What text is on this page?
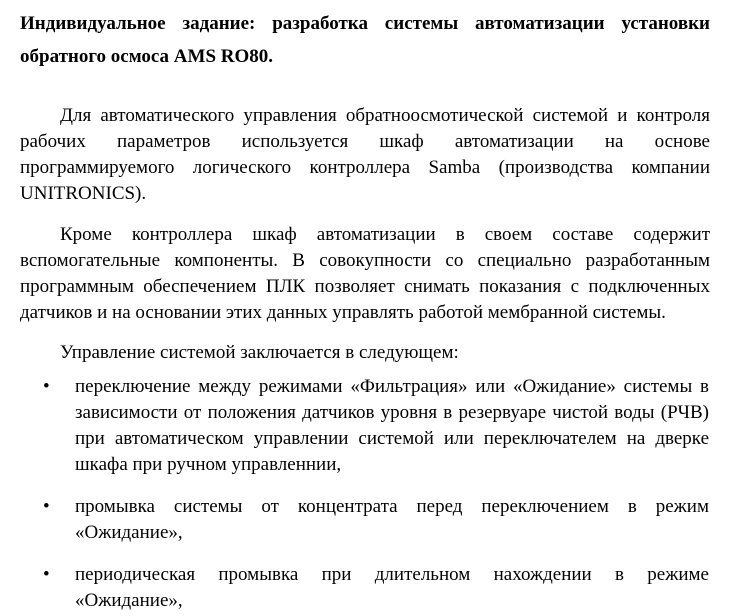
Индивидуальное задание: разработка системы автоматизации установки обратного осмоса AMS RO80.

Для автоматического управления обратноосмотической системой и контроля рабочих параметров используется шкаф автоматизации на основе программируемого логического контроллера Samba (производства компании UNITRONICS).

Кроме контроллера шкаф автоматизации в своем составе содержит вспомогательные компоненты. В совокупности со специально разработанным программным обеспечением ПЛК позволяет снимать показания с подключенных датчиков и на основании этих данных управлять работой мембранной системы.

Управление системой заключается в следующем:

• переключение между режимами «Фильтрация» или «Ожидание» системы в зависимости от положения датчиков уровня в резервуаре чистой воды (РЧВ) при автоматическом управлении системой или переключателем на дверке шкафа при ручном управленнии,
• промывка системы от концентрата перед переключением в режим «Ожидание»,
• периодическая промывка при длительном нахождении в режиме «Ожидание»,
